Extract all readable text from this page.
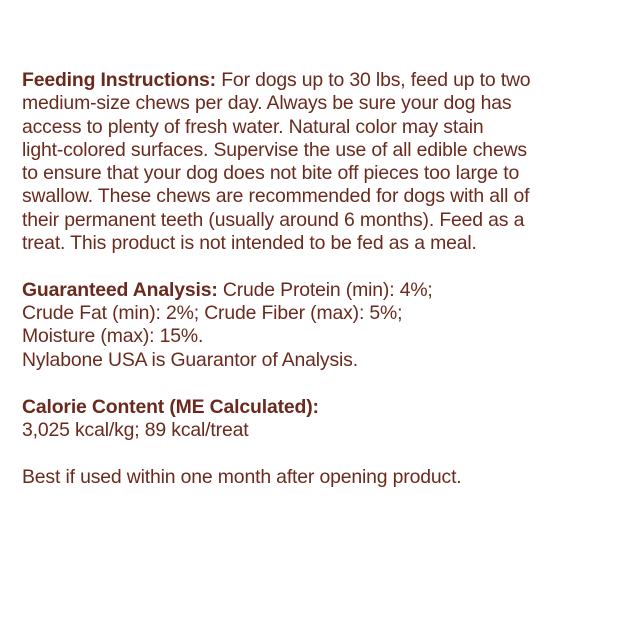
Feeding Instructions: For dogs up to 30 lbs, feed up to two
medium-size chews per day. Always be sure your dog has
access to plenty of fresh water. Natural color may stain
light-colored surfaces. Supervise the use of all edible chews
to ensure that your dog does not bite off pieces too large to
swallow. These chews are recommended for dogs with all of
their permanent teeth (usually around 6 months). Feed as a
treat. This product is not intended to be fed as a meal.

Guaranteed Analysis: Crude Protein (min): 4%;
Crude Fat (min): 2%; Crude Fiber (max): 5%;
Moisture (max): 15%.
Nylabone USA is Guarantor of Analysis.

Calorie Content (ME Calculated):
3,025 kcal/kg; 89 kcal/treat

Best if used within one month after opening product.
